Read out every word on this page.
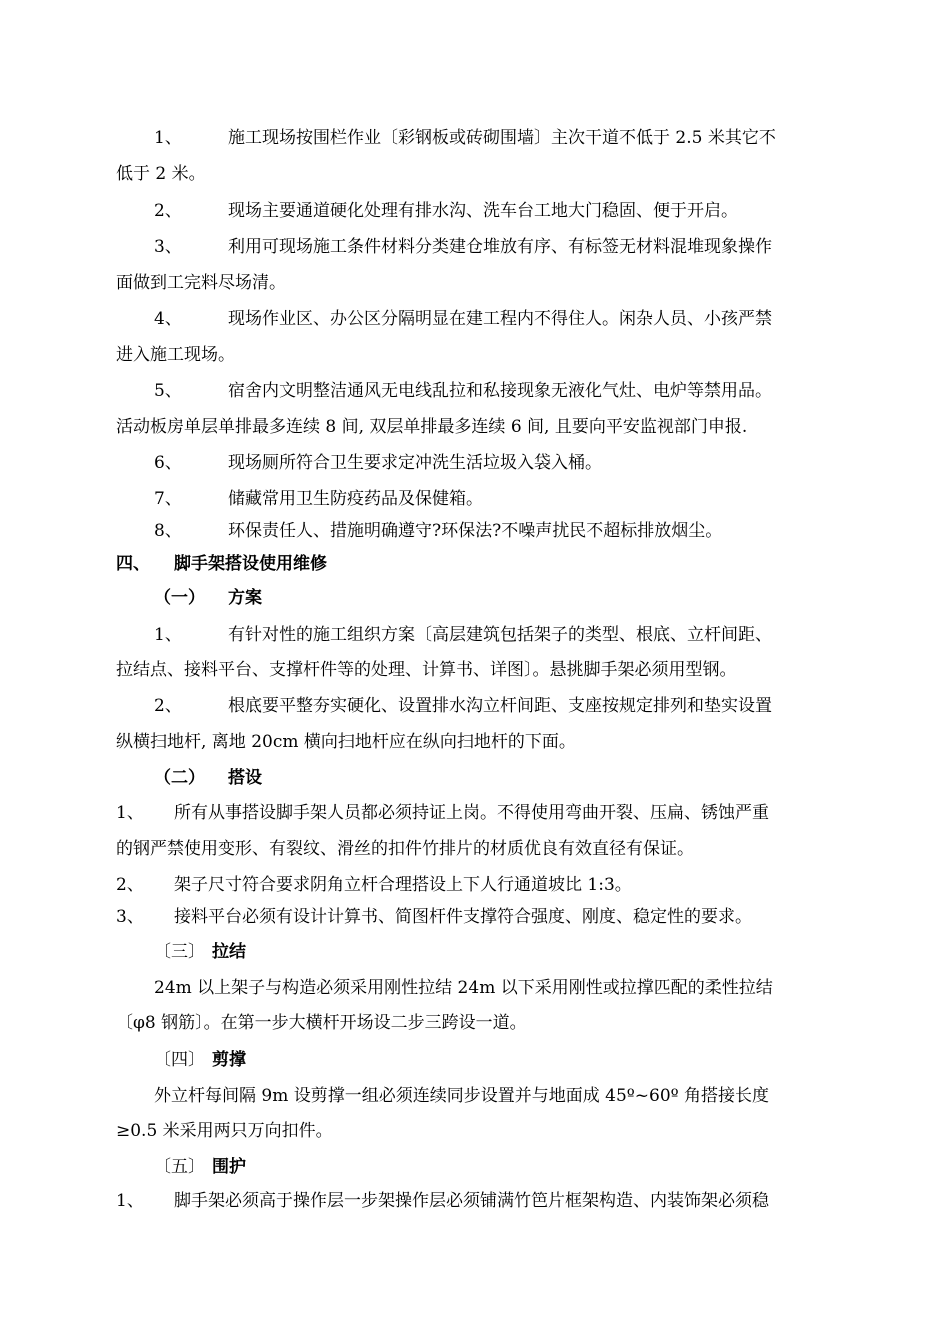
1、	施工现场按围栏作业〔彩钢板或砖砌围墙〕主次干道不低于 2.5 米其它不
低于 2 米。
2、	现场主要通道硬化处理有排水沟、洗车台工地大门稳固、便于开启。
3、	利用可现场施工条件材料分类建仓堆放有序、有标签无材料混堆现象操作
面做到工完料尽场清。
4、	现场作业区、办公区分隔明显在建工程内不得住人。闲杂人员、小孩严禁
进入施工现场。
5、	宿舍内文明整洁通风无电线乱拉和私接现象无液化气灶、电炉等禁用品。
活动板房单层单排最多连续 8 间, 双层单排最多连续 6 间, 且要向平安监视部门申报.
6、	现场厕所符合卫生要求定冲洗生活垃圾入袋入桶。
7、	储藏常用卫生防疫药品及保健箱。
8、	环保责任人、措施明确遵守?环保法?不噪声扰民不超标排放烟尘。
四、 脚手架搭设使用维修
（一） 方案
1、	有针对性的施工组织方案〔高层建筑包括架子的类型、根底、立杆间距、
拉结点、接料平台、支撑杆件等的处理、计算书、详图〕。悬挑脚手架必须用型钢。
2、	根底要平整夯实硬化、设置排水沟立杆间距、支座按规定排列和垫实设置
纵横扫地杆, 离地 20cm 横向扫地杆应在纵向扫地杆的下面。
（二） 搭设
1、 所有从事搭设脚手架人员都必须持证上岗。不得使用弯曲开裂、压扁、锈蚀严重
的钢严禁使用变形、有裂纹、滑丝的扣件竹排片的材质优良有效直径有保证。
2、 架子尺寸符合要求阴角立杆合理搭设上下人行通道坡比 1:3。
3、 接料平台必须有设计计算书、简图杆件支撑符合强度、刚度、稳定性的要求。
〔三〕 拉结
24m 以上架子与构造必须采用刚性拉结 24m 以下采用刚性或拉撑匹配的柔性拉结
〔φ8 钢筋〕。在第一步大横杆开场设二步三跨设一道。
〔四〕 剪撑
外立杆每间隔 9m 设剪撑一组必须连续同步设置并与地面成 45º~60º 角搭接长度
≥0.5 米采用两只万向扣件。
〔五〕 围护
1、 脚手架必须高于操作层一步架操作层必须铺满竹笆片框架构造、内装饰架必须稳
